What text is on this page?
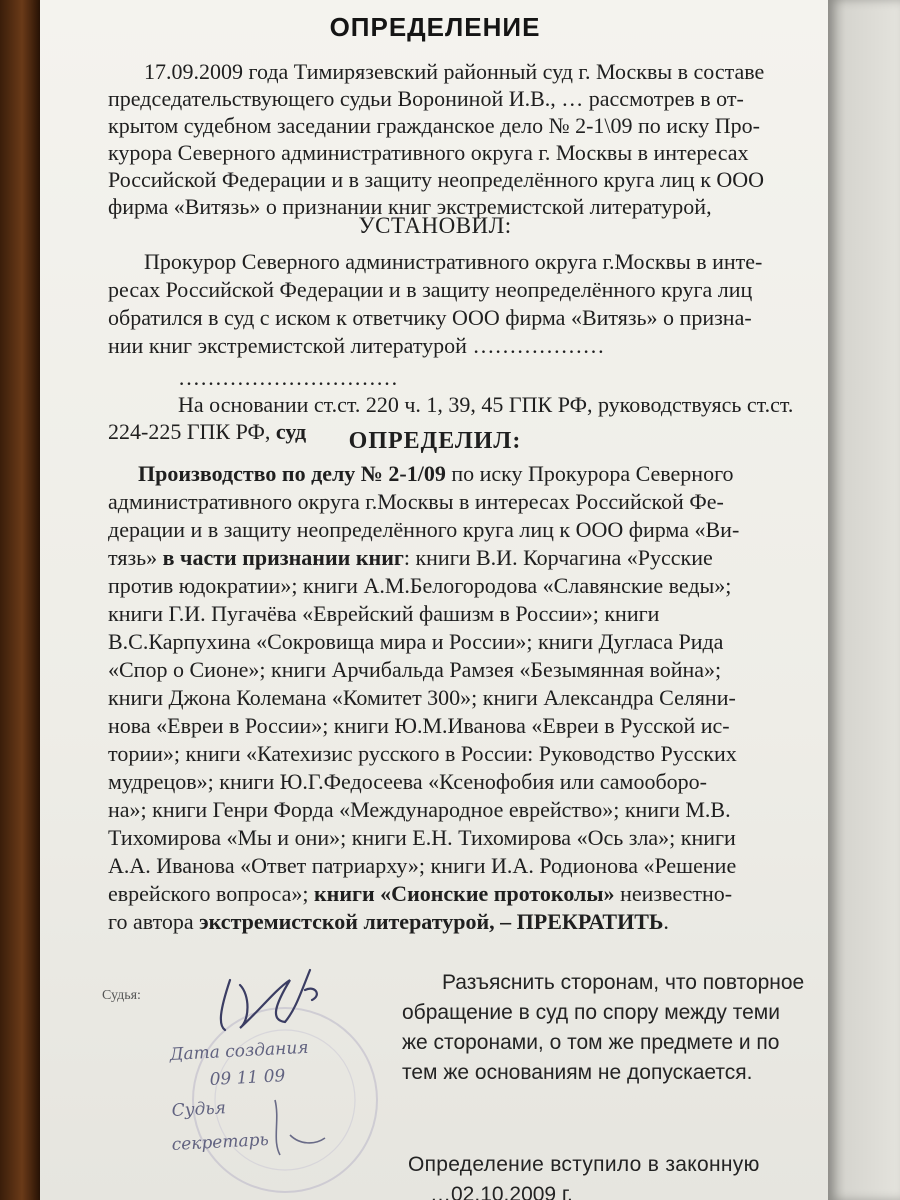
ОПРЕДЕЛЕНИЕ
17.09.2009 года Тимирязевский районный суд г. Москвы в составе
председательствующего судьи Ворониной И.В., … рассмотрев в от-
крытом судебном заседании гражданское дело № 2-1\09 по иску Про-
курора Северного административного округа г. Москвы в интересах
Российской Федерации и в защиту неопределённого круга лиц к ООО
фирма «Витязь» о признании книг экстремистской литературой,
УСТАНОВИЛ:
Прокурор Северного административного округа г.Москвы в инте-
ресах Российской Федерации и в защиту неопределённого круга лиц
обратился в суд с иском к ответчику ООО фирма «Витязь» о призна-
нии книг экстремистской литературой ………………
…………………………
На основании ст.ст. 220 ч. 1, 39, 45 ГПК РФ, руководствуясь ст.ст.
224-225 ГПК РФ, суд	ОПРЕДЕЛИЛ:
Производство по делу № 2-1/09 по иску Прокурора Северного
административного округа г.Москвы в интересах Российской Фе-
дерации и в защиту неопределённого круга лиц к ООО фирма «Ви-
тязь» в части признании книг: книги В.И. Корчагина «Русские
против юдократии»; книги А.М.Белогородова «Славянские веды»;
книги Г.И. Пугачёва «Еврейский фашизм в России»; книги
В.С.Карпухина «Сокровища мира и России»; книги Дугласа Рида
«Спор о Сионе»; книги Арчибальда Рамзея «Безымянная война»;
книги Джона Колемана «Комитет 300»; книги Александра Селяни-
нова «Евреи в России»; книги Ю.М.Иванова «Евреи в Русской ис-
тории»; книги «Катехизис русского в России: Руководство Русских
мудрецов»; книги Ю.Г.Федосеева «Ксенофобия или самооборо-
на»; книги Генри Форда «Международное еврейство»; книги М.В.
Тихомирова «Мы и они»; книги Е.Н. Тихомирова «Ось зла»; книги
А.А. Иванова «Ответ патриарху»; книги И.А. Родионова «Решение
еврейского вопроса»; книги «Сионские протоколы» неизвестно-
го автора экстремистской литературой, – ПРЕКРАТИТЬ.
Судья:
Дата создания
09 11 09
Судья
секретарь
Разъяснить сторонам, что повторное
обращение в суд по спору между теми
же сторонами, о том же предмете и по
тем же основаниям не допускается.
Определение вступило в законную
…02.10.2009 г.
